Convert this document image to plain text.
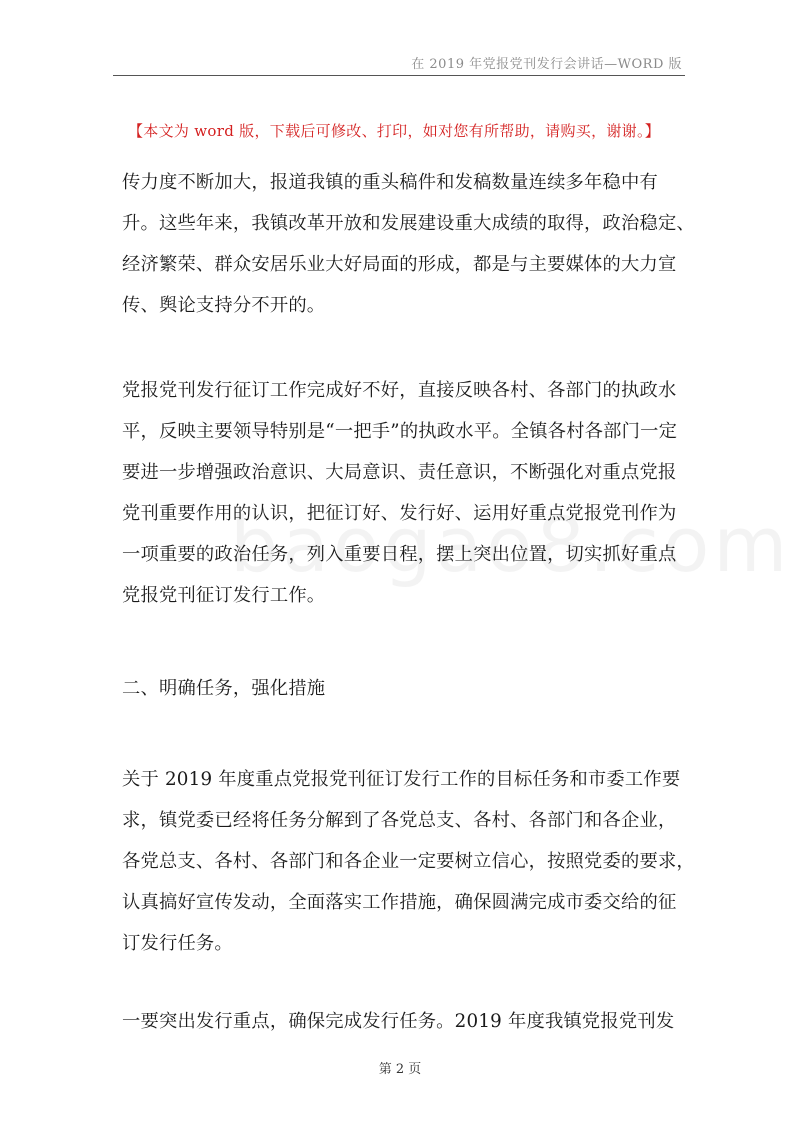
在 2019 年党报党刊发行会讲话—WORD 版
【本文为 word 版，下载后可修改、打印，如对您有所帮助，请购买，谢谢。】

传力度不断加大，报道我镇的重头稿件和发稿数量连续多年稳中有
升。这些年来，我镇改革开放和发展建设重大成绩的取得，政治稳定、
经济繁荣、群众安居乐业大好局面的形成，都是与主要媒体的大力宣
传、舆论支持分不开的。

党报党刊发行征订工作完成好不好，直接反映各村、各部门的执政水
平，反映主要领导特别是“一把手”的执政水平。全镇各村各部门一定
要进一步增强政治意识、大局意识、责任意识，不断强化对重点党报
党刊重要作用的认识，把征订好、发行好、运用好重点党报党刊作为
一项重要的政治任务，列入重要日程，摆上突出位置，切实抓好重点
党报党刊征订发行工作。

二、明确任务，强化措施

关于 2019 年度重点党报党刊征订发行工作的目标任务和市委工作要
求，镇党委已经将任务分解到了各党总支、各村、各部门和各企业，
各党总支、各村、各部门和各企业一定要树立信心，按照党委的要求，
认真搞好宣传发动，全面落实工作措施，确保圆满完成市委交给的征
订发行任务。

一要突出发行重点，确保完成发行任务。2019 年度我镇党报党刊发

第 2 页
